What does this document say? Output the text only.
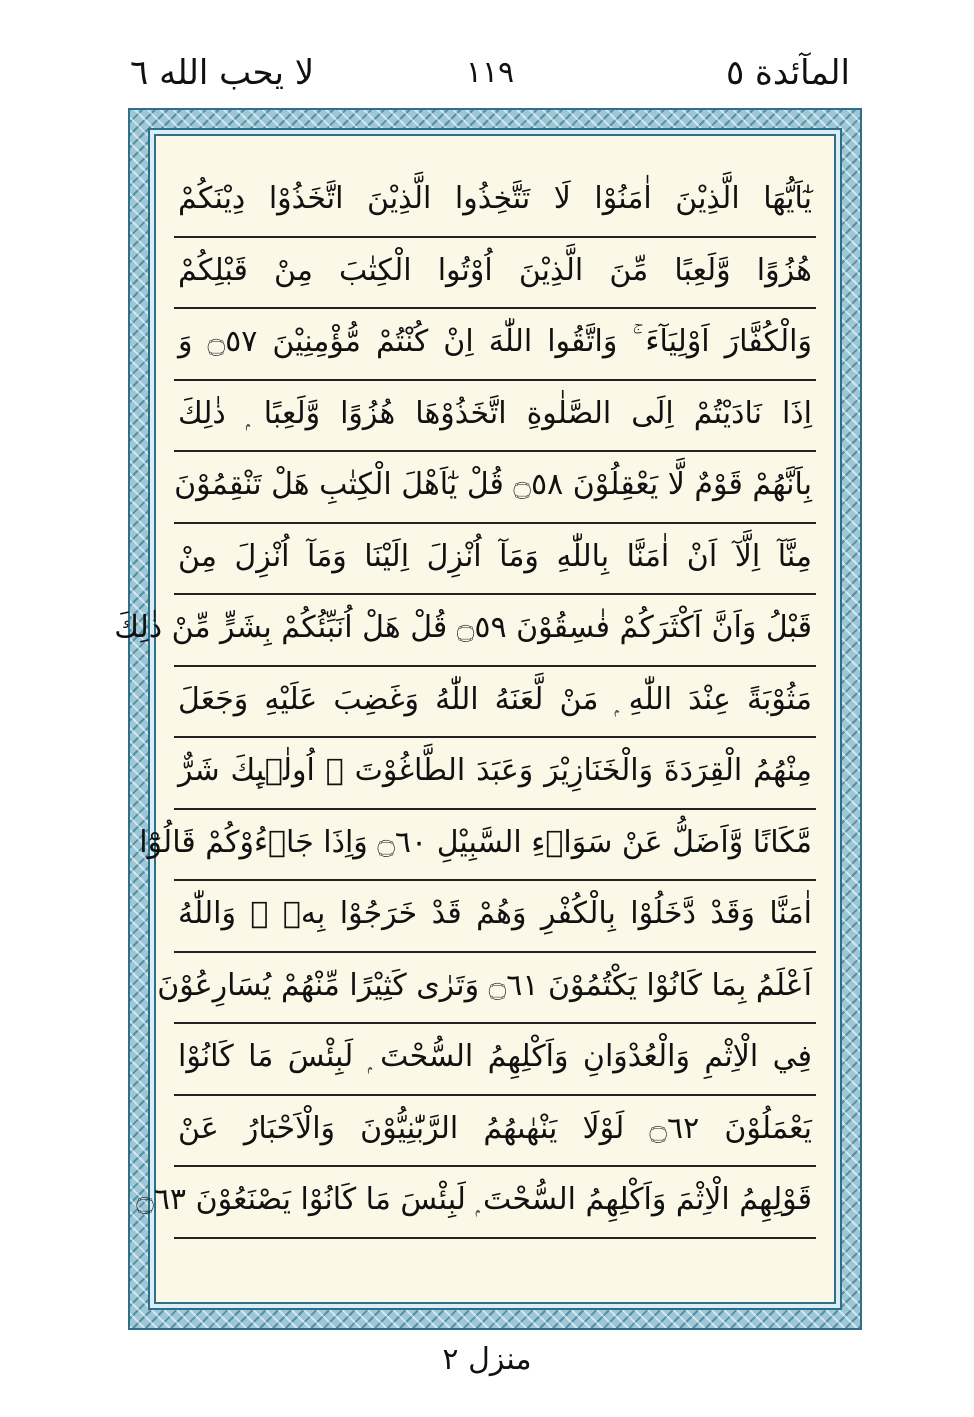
المآئدة ٥
١١٩
لا يحب الله ٦
يٰٓاَيُّهَا الَّذِيْنَ اٰمَنُوْا لَا تَتَّخِذُوا الَّذِيْنَ اتَّخَذُوْا دِيْنَكُمْ
هُزُوًا وَّلَعِبًا مِّنَ الَّذِيْنَ اُوْتُوا الْكِتٰبَ مِنْ قَبْلِكُمْ
وَالْكُفَّارَ اَوْلِيَآءَ ۚ وَاتَّقُوا اللّٰهَ اِنْ كُنْتُمْ مُّؤْمِنِيْنَ ۝٥٧ وَ
اِذَا نَادَيْتُمْ اِلَى الصَّلٰوةِ اتَّخَذُوْهَا هُزُوًا وَّلَعِبًا ۭ ذٰلِكَ
بِاَنَّهُمْ قَوْمٌ لَّا يَعْقِلُوْنَ ۝٥٨ قُلْ يٰٓاَهْلَ الْكِتٰبِ هَلْ تَنْقِمُوْنَ
مِنَّآ اِلَّآ اَنْ اٰمَنَّا بِاللّٰهِ وَمَآ اُنْزِلَ اِلَيْنَا وَمَآ اُنْزِلَ مِنْ
قَبْلُ وَاَنَّ اَكْثَرَكُمْ فٰسِقُوْنَ ۝٥٩ قُلْ هَلْ اُنَبِّئُكُمْ بِشَرٍّ مِّنْ ذٰلِكَ
مَثُوْبَةً عِنْدَ اللّٰهِ ۭ مَنْ لَّعَنَهُ اللّٰهُ وَغَضِبَ عَلَيْهِ وَجَعَلَ
مِنْهُمُ الْقِرَدَةَ وَالْخَنَازِيْرَ وَعَبَدَ الطَّاغُوْتَ ۭ اُولٰۗىِٕكَ شَرٌّ
مَّكَانًا وَّاَضَلُّ عَنْ سَوَاۗءِ السَّبِيْلِ ۝٦٠ وَاِذَا جَاۗءُوْكُمْ قَالُوْٓا
اٰمَنَّا وَقَدْ دَّخَلُوْا بِالْكُفْرِ وَهُمْ قَدْ خَرَجُوْا بِهٖ ۭ وَاللّٰهُ
اَعْلَمُ بِمَا كَانُوْا يَكْتُمُوْنَ ۝٦١ وَتَرٰى كَثِيْرًا مِّنْهُمْ يُسَارِعُوْنَ
فِي الْاِثْمِ وَالْعُدْوَانِ وَاَكْلِهِمُ السُّحْتَ ۭ لَبِئْسَ مَا كَانُوْا
يَعْمَلُوْنَ ۝٦٢ لَوْلَا يَنْهٰىهُمُ الرَّبّٰنِيُّوْنَ وَالْاَحْبَارُ عَنْ
قَوْلِهِمُ الْاِثْمَ وَاَكْلِهِمُ السُّحْتَ ۭ لَبِئْسَ مَا كَانُوْا يَصْنَعُوْنَ ۝٦٣
منزل ٢
